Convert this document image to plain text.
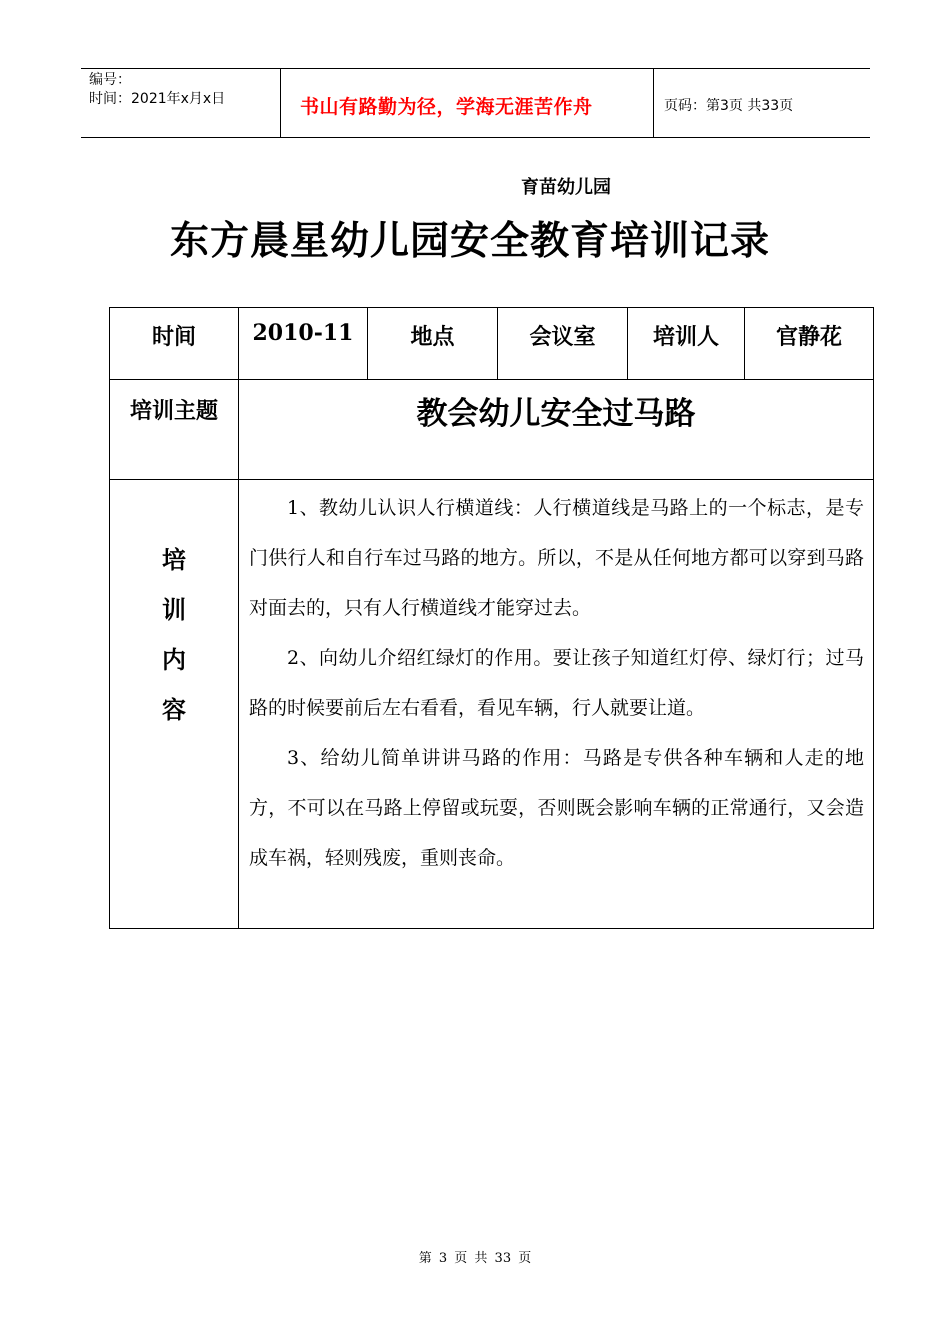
编号：
时间：2021年x月x日	书山有路勤为径，学海无涯苦作舟	页码：第3页 共33页
育苗幼儿园
东方晨星幼儿园安全教育培训记录
时间	2010-11	地点	会议室	培训人	官静花
培训主题	教会幼儿安全过马路
培
训
内
容

1、教幼儿认识人行横道线：人行横道线是马路上的一个标志，是专门供行人和自行车过马路的地方。所以，不是从任何地方都可以穿到马路对面去的，只有人行横道线才能穿过去。

2、向幼儿介绍红绿灯的作用。要让孩子知道红灯停、绿灯行；过马路的时候要前后左右看看，看见车辆，行人就要让道。

3、给幼儿简单讲讲马路的作用：马路是专供各种车辆和人走的地方，不可以在马路上停留或玩耍，否则既会影响车辆的正常通行，又会造成车祸，轻则残废，重则丧命。

第 3 页 共 33 页
